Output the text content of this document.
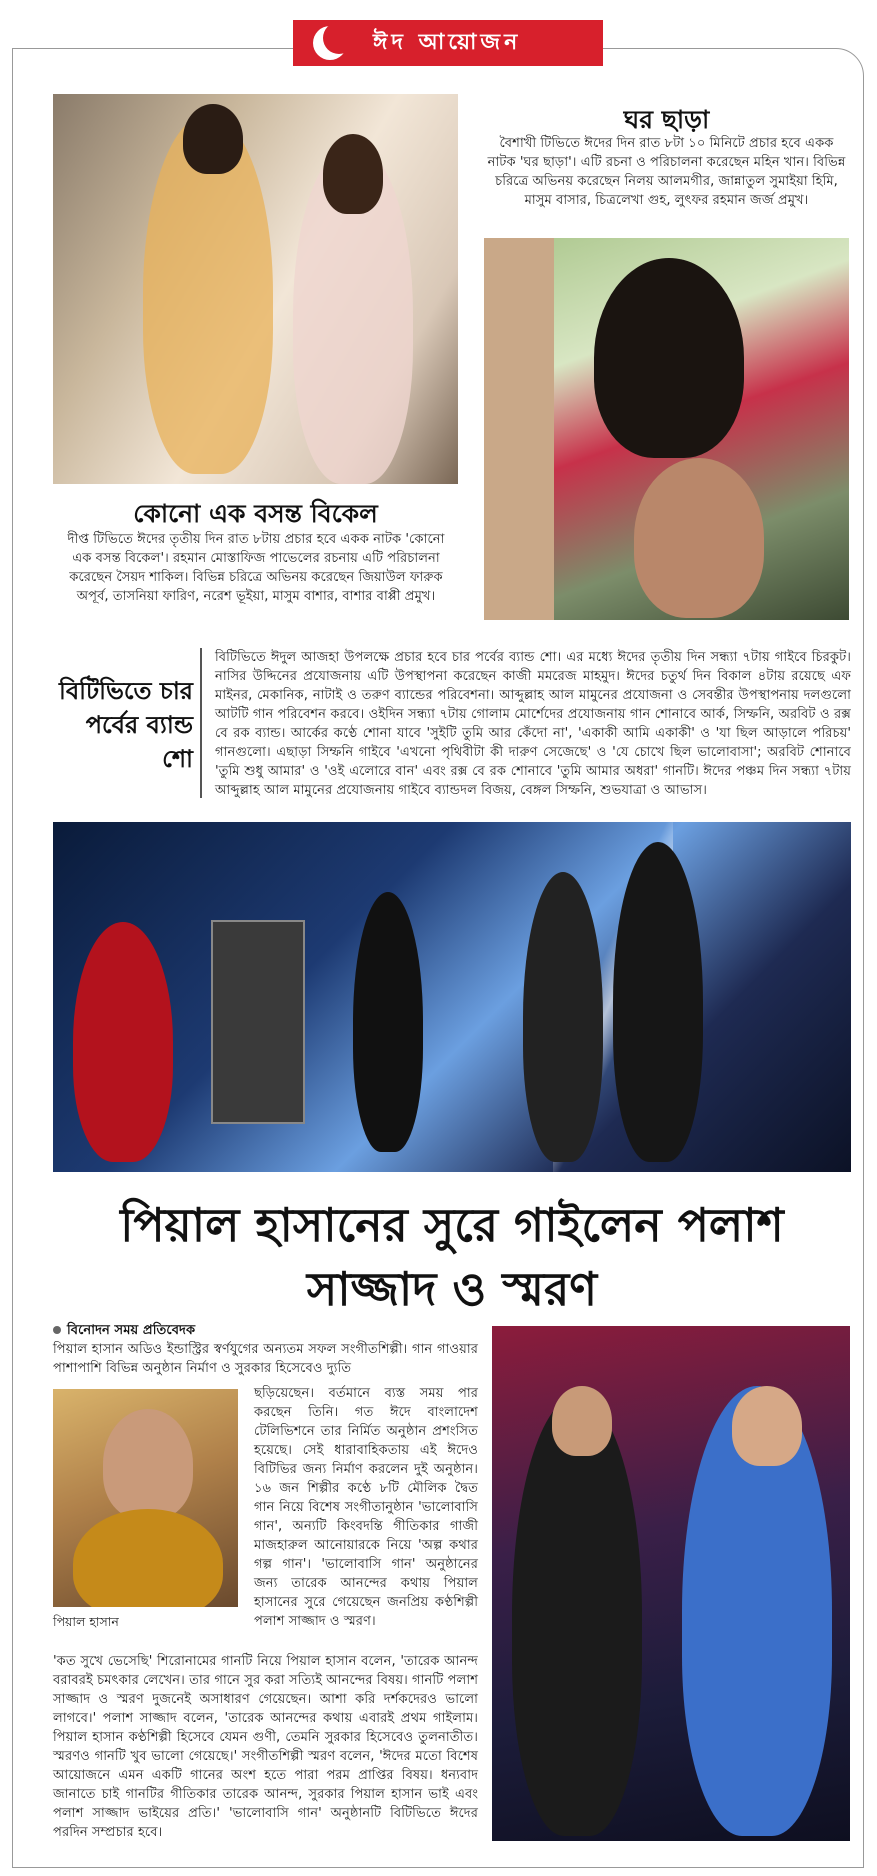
ঈদ আয়োজন
কোনো এক বসন্ত বিকেল
দীপ্ত টিভিতে ঈদের তৃতীয় দিন রাত ৮টায় প্রচার হবে একক নাটক 'কোনো এক বসন্ত বিকেল'। রহমান মোস্তাফিজ পাভেলের রচনায় এটি পরিচালনা করেছেন সৈয়দ শাকিল। বিভিন্ন চরিত্রে অভিনয় করেছেন জিয়াউল ফারুক অপূর্ব, তাসনিয়া ফারিণ, নরেশ ভূইয়া, মাসুম বাশার, বাশার বাপ্পী প্রমুখ।
ঘর ছাড়া
বৈশাখী টিভিতে ঈদের দিন রাত ৮টা ১০ মিনিটে প্রচার হবে একক নাটক 'ঘর ছাড়া'। এটি রচনা ও পরিচালনা করেছেন মহিন খান। বিভিন্ন চরিত্রে অভিনয় করেছেন নিলয় আলমগীর, জান্নাতুল সুমাইয়া হিমি, মাসুম বাসার, চিত্রলেখা গুহ, লুৎফর রহমান জর্জ প্রমুখ।
বিটিভিতে চার পর্বের ব্যান্ড শো
বিটিভিতে ঈদুল আজহা উপলক্ষে প্রচার হবে চার পর্বের ব্যান্ড শো। এর মধ্যে ঈদের তৃতীয় দিন সন্ধ্যা ৭টায় গাইবে চিরকুট। নাসির উদ্দিনের প্রযোজনায় এটি উপস্থাপনা করেছেন কাজী মমরেজ মাহমুদ। ঈদের চতুর্থ দিন বিকাল ৪টায় রয়েছে এফ মাইনর, মেকানিক, নাটাই ও তরুণ ব্যান্ডের পরিবেশনা। আব্দুল্লাহ আল মামুনের প্রযোজনা ও সেবন্তীর উপস্থাপনায় দলগুলো আটটি গান পরিবেশন করবে। ওইদিন সন্ধ্যা ৭টায় গোলাম মোর্শেদের প্রযোজনায় গান শোনাবে আর্ক, সিম্ফনি, অরবিট ও রক্স বে রক ব্যান্ড। আর্কের কণ্ঠে শোনা যাবে 'সুইটি তুমি আর কেঁদো না', 'একাকী আমি একাকী' ও 'যা ছিল আড়ালে পরিচয়' গানগুলো। এছাড়া সিম্ফনি গাইবে 'এখনো পৃথিবীটা কী দারুণ সেজেছে' ও 'যে চোখে ছিল ভালোবাসা'; অরবিট শোনাবে 'তুমি শুধু আমার' ও 'ওই এলোরে বান' এবং রক্স বে রক শোনাবে 'তুমি আমার অধরা' গানটি। ঈদের পঞ্চম দিন সন্ধ্যা ৭টায় আব্দুল্লাহ আল মামুনের প্রযোজনায় গাইবে ব্যান্ডদল বিজয়, বেঙ্গল সিম্ফনি, শুভযাত্রা ও আভাস।
পিয়াল হাসানের সুরে গাইলেন পলাশ সাজ্জাদ ও স্মরণ
বিনোদন সময় প্রতিবেদক
পিয়াল হাসান অডিও ইন্ডাস্ট্রির স্বর্ণযুগের অন্যতম সফল সংগীতশিল্পী। গান গাওয়ার পাশাপাশি বিভিন্ন অনুষ্ঠান নির্মাণ ও সুরকার হিসেবেও দ্যুতি
ছড়িয়েছেন। বর্তমানে ব্যস্ত সময় পার করছেন তিনি। গত ঈদে বাংলাদেশ টেলিভিশনে তার নির্মিত অনুষ্ঠান প্রশংসিত হয়েছে। সেই ধারাবাহিকতায় এই ঈদেও বিটিভির জন্য নির্মাণ করলেন দুই অনুষ্ঠান। ১৬ জন শিল্পীর কণ্ঠে ৮টি মৌলিক দ্বৈত গান নিয়ে বিশেষ সংগীতানুষ্ঠান 'ভালোবাসি গান', অন্যটি কিংবদন্তি গীতিকার গাজী মাজহারুল আনোয়ারকে নিয়ে 'অল্প কথার গল্প গান'। 'ভালোবাসি গান' অনুষ্ঠানের জন্য তারেক আনন্দের কথায় পিয়াল হাসানের সুরে গেয়েছেন জনপ্রিয় কণ্ঠশিল্পী পলাশ সাজ্জাদ ও স্মরণ।
পিয়াল হাসান
'কত সুখে ভেসেছি' শিরোনামের গানটি নিয়ে পিয়াল হাসান বলেন, 'তারেক আনন্দ বরাবরই চমৎকার লেখেন। তার গানে সুর করা সত্যিই আনন্দের বিষয়। গানটি পলাশ সাজ্জাদ ও স্মরণ দুজনেই অসাধারণ গেয়েছেন। আশা করি দর্শকদেরও ভালো লাগবে।' পলাশ সাজ্জাদ বলেন, 'তারেক আনন্দের কথায় এবারই প্রথম গাইলাম। পিয়াল হাসান কণ্ঠশিল্পী হিসেবে যেমন গুণী, তেমনি সুরকার হিসেবেও তুলনাতীত। স্মরণও গানটি খুব ভালো গেয়েছে।' সংগীতশিল্পী স্মরণ বলেন, 'ঈদের মতো বিশেষ আয়োজনে এমন একটি গানের অংশ হতে পারা পরম প্রাপ্তির বিষয়। ধন্যবাদ জানাতে চাই গানটির গীতিকার তারেক আনন্দ, সুরকার পিয়াল হাসান ভাই এবং পলাশ সাজ্জাদ ভাইয়ের প্রতি।' 'ভালোবাসি গান' অনুষ্ঠানটি বিটিভিতে ঈদের পরদিন সম্প্রচার হবে।
